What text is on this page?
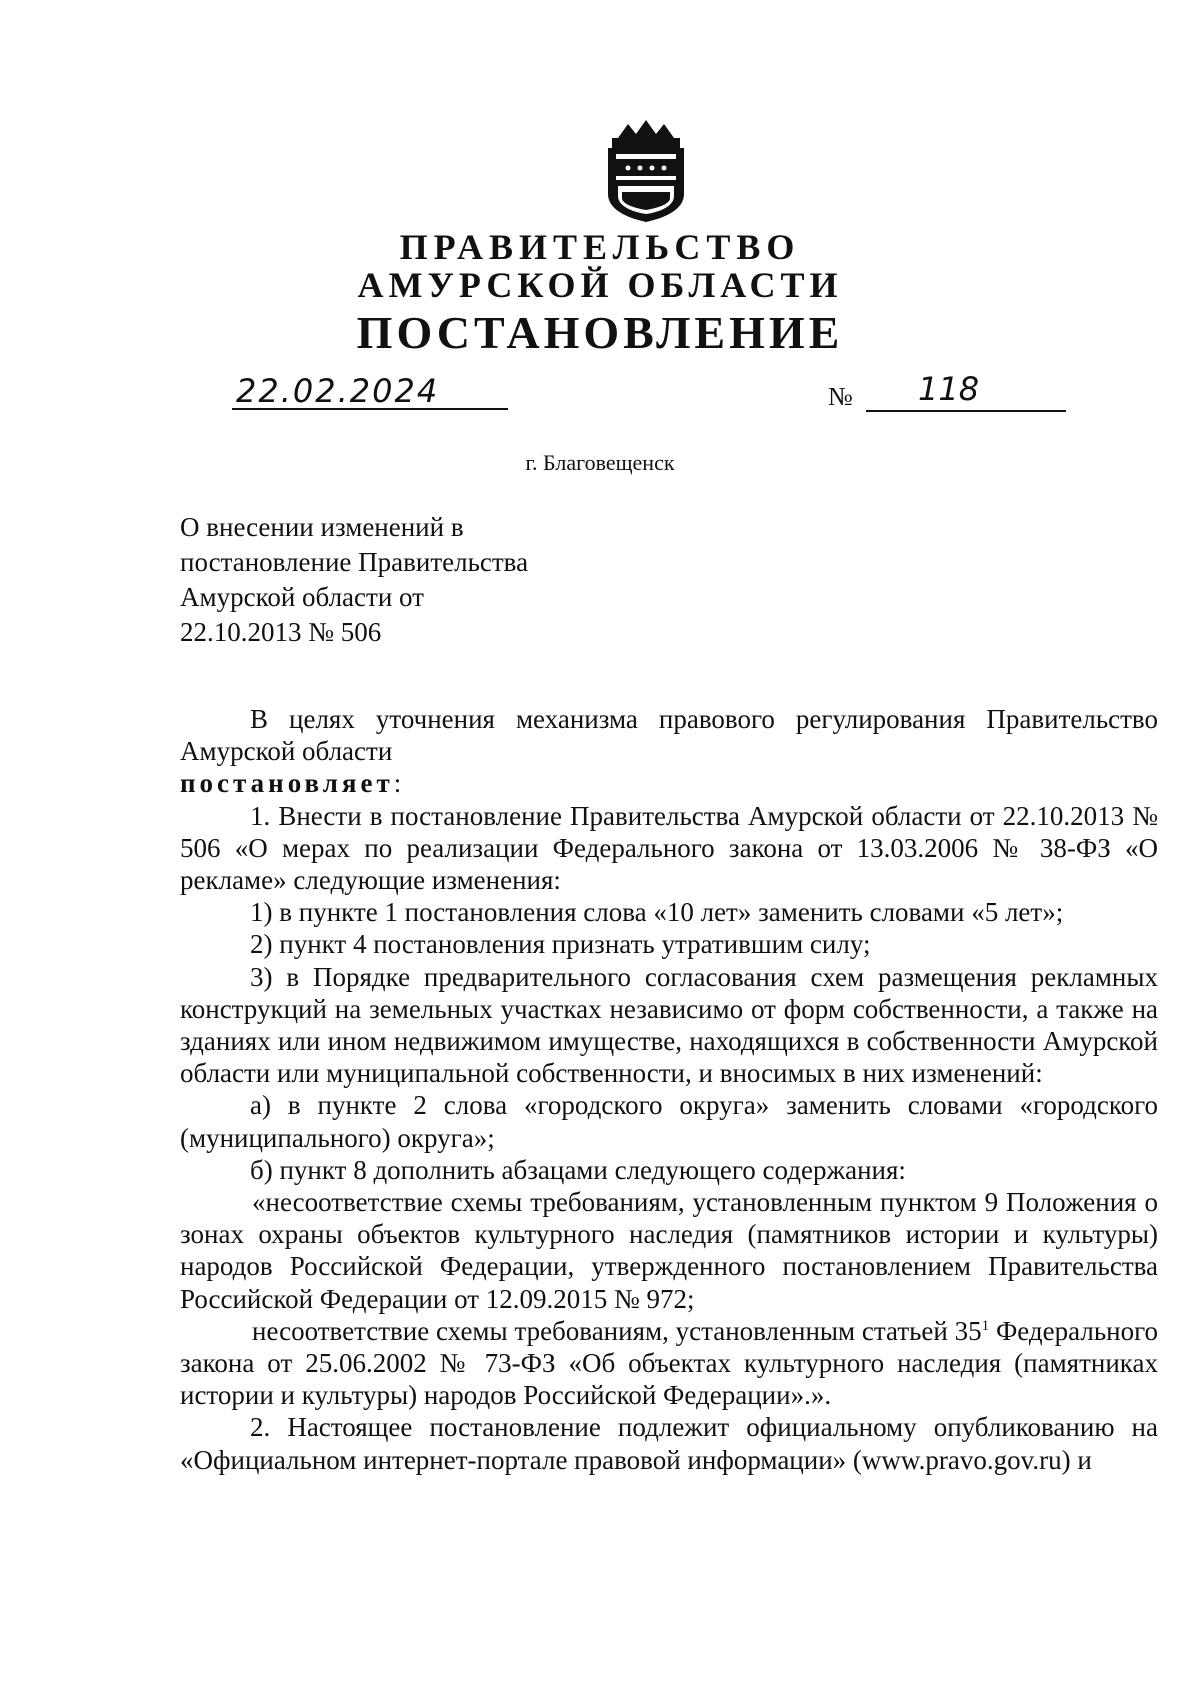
ПРАВИТЕЛЬСТВО
АМУРСКОЙ ОБЛАСТИ
ПОСТАНОВЛЕНИЕ
22.02.2024	№ 118
г. Благовещенск
О внесении изменений в
постановление Правительства
Амурской области от
22.10.2013 № 506

В целях уточнения механизма правового регулирования Правительство Амурской области

постановляет:

1. Внести в постановление Правительства Амурской области от 22.10.2013 № 506 «О мерах по реализации Федерального закона от 13.03.2006 № 38-ФЗ «О рекламе» следующие изменения:

1) в пункте 1 постановления слова «10 лет» заменить словами «5 лет»;

2) пункт 4 постановления признать утратившим силу;

3) в Порядке предварительного согласования схем размещения рекламных конструкций на земельных участках независимо от форм собственности, а также на зданиях или ином недвижимом имуществе, находящихся в собственности Амурской области или муниципальной собственности, и вносимых в них изменений:

а) в пункте 2 слова «городского округа» заменить словами «городского (муниципального) округа»;

б) пункт 8 дополнить абзацами следующего содержания:

«несоответствие схемы требованиям, установленным пунктом 9 Положения о зонах охраны объектов культурного наследия (памятников истории и культуры) народов Российской Федерации, утвержденного постановлением Правительства Российской Федерации от 12.09.2015 № 972;

несоответствие схемы требованиям, установленным статьей $35^1$ Федерального закона от 25.06.2002 № 73-ФЗ «Об объектах культурного наследия (памятниках истории и культуры) народов Российской Федерации».».

2. Настоящее постановление подлежит официальному опубликованию на «Официальном интернет-портале правовой информации» (www.pravo.gov.ru) и
